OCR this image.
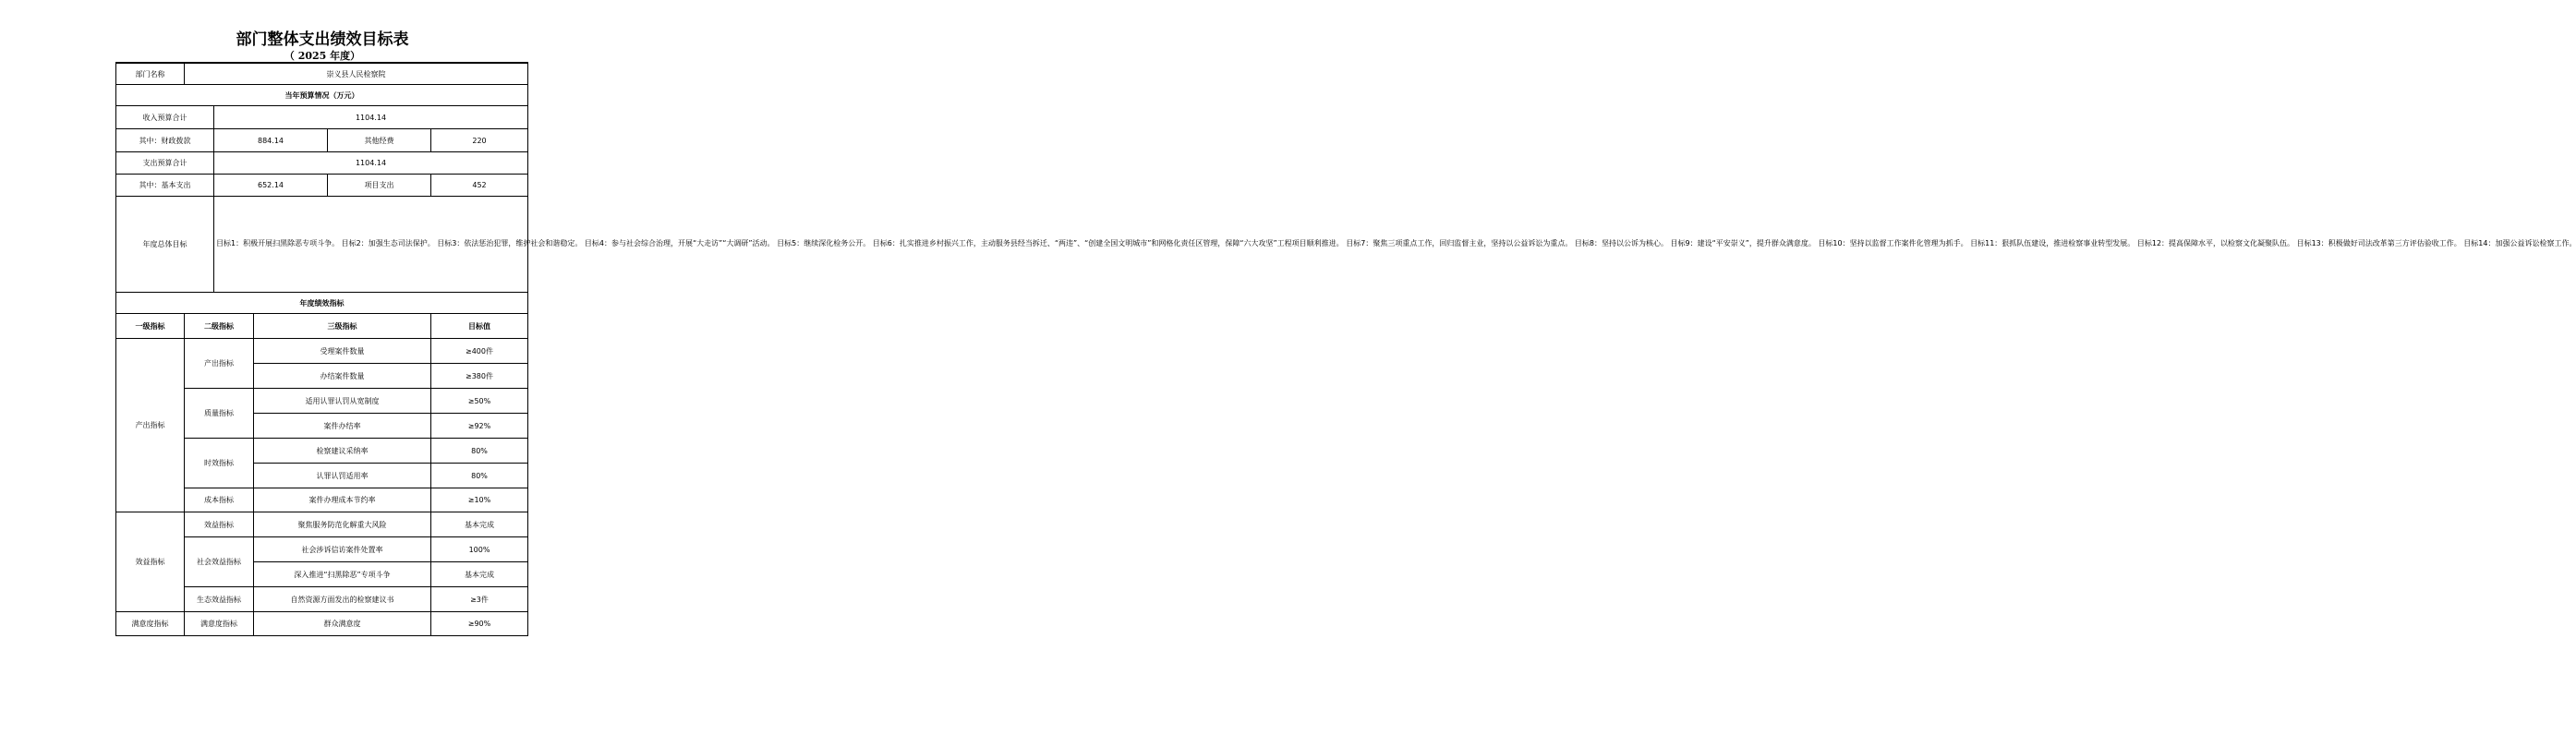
部门整体支出绩效目标表
（ 2025 年度）

部门名称	崇义县人民检察院				
当年预算情况（万元）					
收入预算合计		1104.14			
其中：财政拨款		884.14		其他经费	220
支出预算合计		1104.14			
其中：基本支出		652.14		项目支出	452
年度总体目标		目标1：积极开展扫黑除恶专项斗争。 目标2：加强生态司法保护。 目标3：依法惩治犯罪，维护社会和谐稳定。 目标4：参与社会综合治理，开展“大走访”“大调研”活动。 目标5：继续深化检务公开。 目标6：扎实推进乡村振兴工作，主动服务县经当拆迁、“两违”、“创建全国文明城市”和网格化责任区管理，保障“六大攻坚”工程项目顺利推进。 目标7：聚焦三项重点工作，回归监督主业，坚持以公益诉讼为重点。 目标8：坚持以公诉为核心。 目标9：建设“平安崇义”，提升群众满意度。 目标10：坚持以监督工作案件化管理为抓手。 目标11：狠抓队伍建设，推进检察事业转型发展。 目标12：提高保障水平，以检察文化凝聚队伍。 目标13：积极做好司法改革第三方评估验收工作。 目标14：加强公益诉讼检察工作。			
年度绩效指标					
一级指标	二级指标		三级指标		目标值
产出指标	产出指标		受理案件数量		≥400件
			办结案件数量		≥380件
	质量指标		适用认罪认罚从宽制度		≥50%
			案件办结率		≥92%
	时效指标		检察建议采纳率		80%
			认罪认罚适用率		80%
	成本指标		案件办理成本节约率		≥10%
效益指标	效益指标		聚焦服务防范化解重大风险		基本完成
	社会效益指标		社会涉诉信访案件处置率		100%
			深入推进“扫黑除恶”专项斗争		基本完成
	生态效益指标		自然资源方面发出的检察建议书		≥3件
满意度指标	满意度指标		群众满意度		≥90%
